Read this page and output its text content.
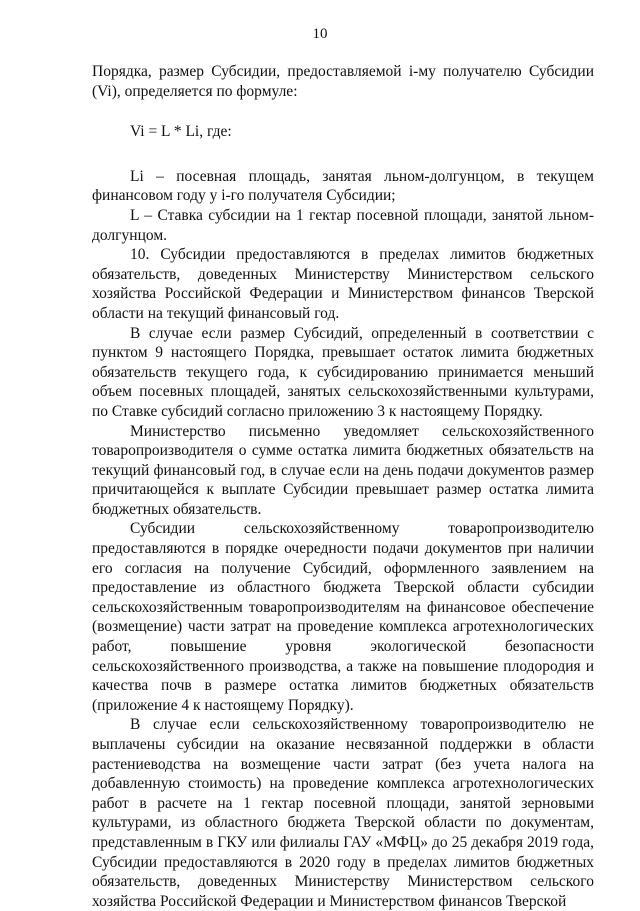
10

Порядка, размер Субсидии, предоставляемой i-му получателю Субсидии (Vi), определяется по формуле:

Vi = L * Li, где:

Li – посевная площадь, занятая льном-долгунцом, в текущем финансовом году у i-го получателя Субсидии;

L – Ставка субсидии на 1 гектар посевной площади, занятой льном-долгунцом.

10. Субсидии предоставляются в пределах лимитов бюджетных обязательств, доведенных Министерству Министерством сельского хозяйства Российской Федерации и Министерством финансов Тверской области на текущий финансовый год.

В случае если размер Субсидий, определенный в соответствии с пунктом 9 настоящего Порядка, превышает остаток лимита бюджетных обязательств текущего года, к субсидированию принимается меньший объем посевных площадей, занятых сельскохозяйственными культурами, по Ставке субсидий согласно приложению 3 к настоящему Порядку.

Министерство письменно уведомляет сельскохозяйственного товаропроизводителя о сумме остатка лимита бюджетных обязательств на текущий финансовый год, в случае если на день подачи документов размер причитающейся к выплате Субсидии превышает размер остатка лимита бюджетных обязательств.

Субсидии сельскохозяйственному товаропроизводителю предоставляются в порядке очередности подачи документов при наличии его согласия на получение Субсидий, оформленного заявлением на предоставление из областного бюджета Тверской области субсидии сельскохозяйственным товаропроизводителям на финансовое обеспечение (возмещение) части затрат на проведение комплекса агротехнологических работ, повышение уровня экологической безопасности сельскохозяйственного производства, а также на повышение плодородия и качества почв в размере остатка лимитов бюджетных обязательств (приложение 4 к настоящему Порядку).

В случае если сельскохозяйственному товаропроизводителю не выплачены субсидии на оказание несвязанной поддержки в области растениеводства на возмещение части затрат (без учета налога на добавленную стоимость) на проведение комплекса агротехнологических работ в расчете на 1 гектар посевной площади, занятой зерновыми культурами, из областного бюджета Тверской области по документам, представленным в ГКУ или филиалы ГАУ «МФЦ» до 25 декабря 2019 года, Субсидии предоставляются в 2020 году в пределах лимитов бюджетных обязательств, доведенных Министерству Министерством сельского хозяйства Российской Федерации и Министерством финансов Тверской
